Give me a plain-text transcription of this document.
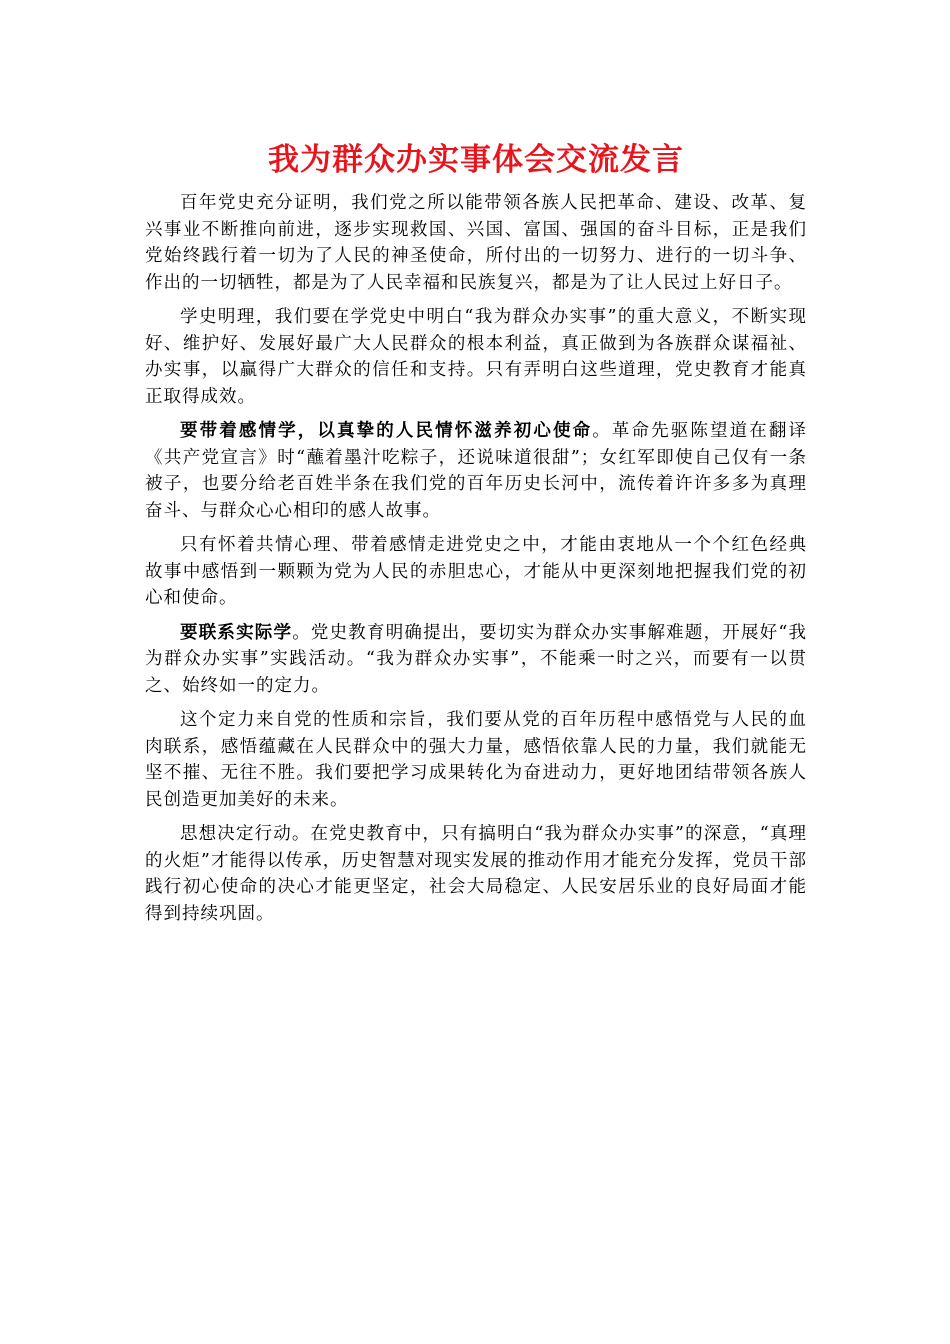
我为群众办实事体会交流发言

百年党史充分证明，我们党之所以能带领各族人民把革命、建设、改革、复兴事业不断推向前进，逐步实现救国、兴国、富国、强国的奋斗目标，正是我们党始终践行着一切为了人民的神圣使命，所付出的一切努力、进行的一切斗争、作出的一切牺牲，都是为了人民幸福和民族复兴，都是为了让人民过上好日子。

学史明理，我们要在学党史中明白“我为群众办实事”的重大意义，不断实现好、维护好、发展好最广大人民群众的根本利益，真正做到为各族群众谋福祉、办实事，以赢得广大群众的信任和支持。只有弄明白这些道理，党史教育才能真正取得成效。

要带着感情学，以真挚的人民情怀滋养初心使命。革命先驱陈望道在翻译《共产党宣言》时“蘸着墨汁吃粽子，还说味道很甜”；女红军即使自己仅有一条被子，也要分给老百姓半条在我们党的百年历史长河中，流传着许许多多为真理奋斗、与群众心心相印的感人故事。

只有怀着共情心理、带着感情走进党史之中，才能由衷地从一个个红色经典故事中感悟到一颗颗为党为人民的赤胆忠心，才能从中更深刻地把握我们党的初心和使命。

要联系实际学。党史教育明确提出，要切实为群众办实事解难题，开展好“我为群众办实事”实践活动。“我为群众办实事”，不能乘一时之兴，而要有一以贯之、始终如一的定力。

这个定力来自党的性质和宗旨，我们要从党的百年历程中感悟党与人民的血肉联系，感悟蕴藏在人民群众中的强大力量，感悟依靠人民的力量，我们就能无坚不摧、无往不胜。我们要把学习成果转化为奋进动力，更好地团结带领各族人民创造更加美好的未来。

思想决定行动。在党史教育中，只有搞明白“我为群众办实事”的深意，“真理的火炬”才能得以传承，历史智慧对现实发展的推动作用才能充分发挥，党员干部践行初心使命的决心才能更坚定，社会大局稳定、人民安居乐业的良好局面才能得到持续巩固。
